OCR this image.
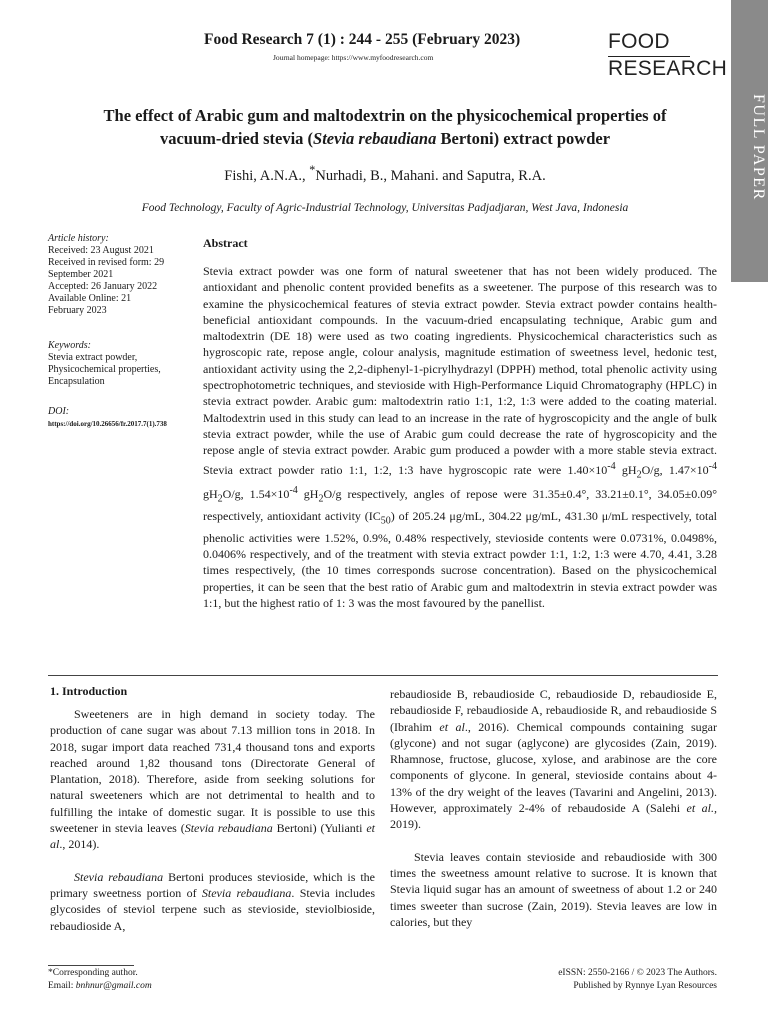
Food Research 7 (1) : 244 - 255 (February 2023)
Journal homepage: https://www.myfoodresearch.com
FOOD
RESEARCH
FULL PAPER
The effect of Arabic gum and maltodextrin on the physicochemical properties of
vacuum-dried stevia (Stevia rebaudiana Bertoni) extract powder
Fishi, A.N.A., *Nurhadi, B., Mahani. and Saputra, R.A.
Food Technology, Faculty of Agric-Industrial Technology, Universitas Padjadjaran, West Java, Indonesia
Article history:
Received: 23 August 2021
Received in revised form: 29
September 2021
Accepted: 26 January 2022
Available Online: 21
February 2023
Keywords:
Stevia extract powder,
Physicochemical properties,
Encapsulation
DOI:
https://doi.org/10.26656/fr.2017.7(1).738
Abstract
Stevia extract powder was one form of natural sweetener that has not been widely produced. The antioxidant and phenolic content provided benefits as a sweetener. The purpose of this research was to examine the physicochemical features of stevia extract powder. Stevia extract powder contains health-beneficial antioxidant compounds. In the vacuum-dried encapsulating technique, Arabic gum and maltodextrin (DE 18) were used as two coating ingredients. Physicochemical characteristics such as hygroscopic rate, repose angle, colour analysis, magnitude estimation of sweetness level, hedonic test, antioxidant activity using the 2,2-diphenyl-1-picrylhydrazyl (DPPH) method, total phenolic activity using spectrophotometric techniques, and stevioside with High-Performance Liquid Chromatography (HPLC) in stevia extract powder. Arabic gum: maltodextrin ratio 1:1, 1:2, 1:3 were added to the coating material. Maltodextrin used in this study can lead to an increase in the rate of hygroscopicity and the angle of bulk stevia extract powder, while the use of Arabic gum could decrease the rate of hygroscopicity and the repose angle of stevia extract powder. Arabic gum produced a powder with a more stable stevia extract. Stevia extract powder ratio 1:1, 1:2, 1:3 have hygroscopic rate were $1.40\times 10^{-4}$ $gH_2O/g$, $1.47\times 10^{-4}$ $gH_2O/g$, $1.54\times 10^{-4}$ $gH_2O/g$ respectively, angles of repose were 31.35±0.4°, 33.21±0.1°, 34.05±0.09° respectively, antioxidant activity $(IC_{50})$ of 205.24 μg/mL, 304.22 μg/mL, 431.30 μ/mL respectively, total phenolic activities were 1.52%, 0.9%, 0.48% respectively, stevioside contents were 0.0731%, 0.0498%, 0.0406% respectively, and of the treatment with stevia extract powder 1:1, 1:2, 1:3 were 4.70, 4.41, 3.28 times respectively, (the 10 times corresponds sucrose concentration). Based on the physicochemical properties, it can be seen that the best ratio of Arabic gum and maltodextrin in stevia extract powder was 1:1, but the highest ratio of 1: 3 was the most favoured by the panellist.
1. Introduction

Sweeteners are in high demand in society today. The production of cane sugar was about 7.13 million tons in 2018. In 2018, sugar import data reached 731,4 thousand tons and exports reached around 1,82 thousand tons (Directorate General of Plantation, 2018). Therefore, aside from seeking solutions for natural sweeteners which are not detrimental to health and to fulfilling the intake of domestic sugar. It is possible to use this sweetener in stevia leaves (Stevia rebaudiana Bertoni) (Yulianti et al., 2014).

Stevia rebaudiana Bertoni produces stevioside, which is the primary sweetness portion of Stevia rebaudiana. Stevia includes glycosides of steviol terpene such as stevioside, steviolbioside, rebaudioside A,

rebaudioside B, rebaudioside C, rebaudioside D, rebaudioside E, rebaudioside F, rebaudioside A, rebaudioside R, and rebaudioside S (Ibrahim et al., 2016). Chemical compounds containing sugar (glycone) and not sugar (aglycone) are glycosides (Zain, 2019). Rhamnose, fructose, glucose, xylose, and arabinose are the core components of glycone. In general, stevioside contains about 4-13% of the dry weight of the leaves (Tavarini and Angelini, 2013). However, approximately 2-4% of rebaudoside A (Salehi et al., 2019).

Stevia leaves contain stevioside and rebaudioside with 300 times the sweetness amount relative to sucrose. It is known that Stevia liquid sugar has an amount of sweetness of about 1.2 or 240 times sweeter than sucrose (Zain, 2019). Stevia leaves are low in calories, but they

*Corresponding author.
Email: bnhnur@gmail.com
eISSN: 2550-2166 / © 2023 The Authors.
Published by Rynnye Lyan Resources
